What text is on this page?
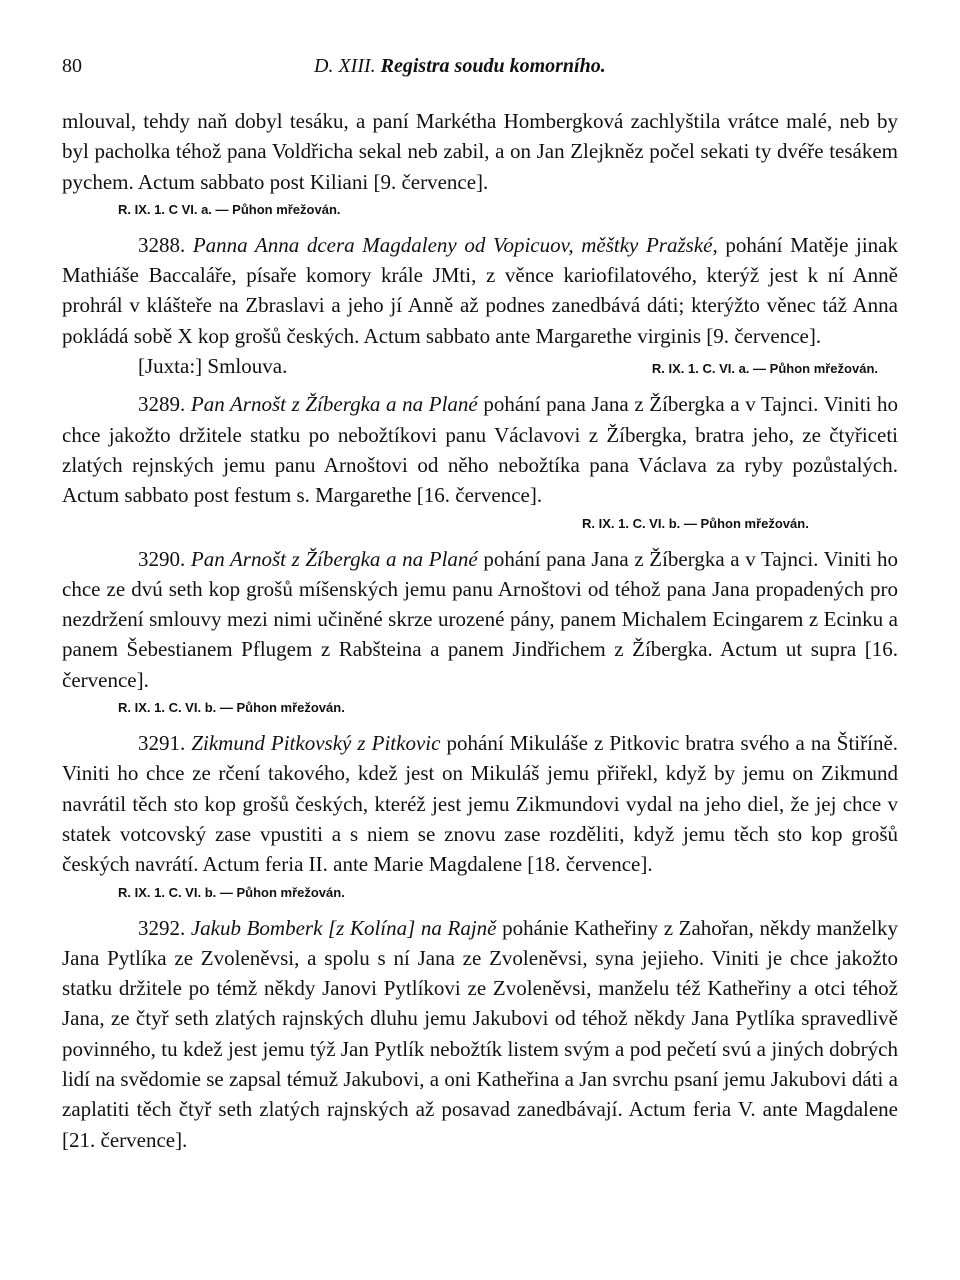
80	D. XIII. Registra soudu komorního.

mlouval, tehdy naň dobyl tesáku, a paní Markétha Hombergková zachlyštila vrátce malé, neb by byl pacholka téhož pana Voldřicha sekal neb zabil, a on Jan Zlejkněz počel sekati ty dvéře tesákem pychem. Actum sabbato post Kiliani [9. července].

R. IX. 1. C VI. a. — Půhon mřežován.

3288. Panna Anna dcera Magdaleny od Vopicuov, měštky Pražské, pohání Matěje jinak Mathiáše Baccaláře, písaře komory krále JMti, z věnce kariofilatového, kterýž jest k ní Anně prohrál v klášteře na Zbraslavi a jeho jí Anně až podnes zanedbává dáti; kterýžto věnec táž Anna pokládá sobě X kop grošů českých. Actum sabbato ante Margarethe virginis [9. července].

[Juxta:] Smlouva.	R. IX. 1. C. VI. a. — Půhon mřežován.

3289. Pan Arnošt z Žíbergka a na Plané pohání pana Jana z Žíbergka a v Tajnci. Viniti ho chce jakožto držitele statku po nebožtíkovi panu Václavovi z Žíbergka, bratra jeho, ze čtyřiceti zlatých rejnských jemu panu Arnoštovi od něho nebožtíka pana Václava za ryby pozůstalých. Actum sabbato post festum s. Margarethe [16. července].

R. IX. 1. C. VI. b. — Půhon mřežován.

3290. Pan Arnošt z Žíbergka a na Plané pohání pana Jana z Žíbergka a v Tajnci. Viniti ho chce ze dvú seth kop grošů míšenských jemu panu Arnoštovi od téhož pana Jana propadených pro nezdržení smlouvy mezi nimi učiněné skrze urozené pány, panem Michalem Ecingarem z Ecinku a panem Šebestianem Pflugem z Rabšteina a panem Jindřichem z Žíbergka. Actum ut supra [16. července].

R. IX. 1. C. VI. b. — Půhon mřežován.

3291. Zikmund Pitkovský z Pitkovic pohání Mikuláše z Pitkovic bratra svého a na Štiříně. Viniti ho chce ze rčení takového, kdež jest on Mikuláš jemu přiřekl, když by jemu on Zikmund navrátil těch sto kop grošů českých, kteréž jest jemu Zikmundovi vydal na jeho diel, že jej chce v statek votcovský zase vpustiti a s niem se znovu zase rozděliti, když jemu těch sto kop grošů českých navrátí. Actum feria II. ante Marie Magdalene [18. července].

R. IX. 1. C. VI. b. — Půhon mřežován.

3292. Jakub Bomberk [z Kolína] na Rajně pohánie Katheřiny z Zahořan, někdy manželky Jana Pytlíka ze Zvoleněvsi, a spolu s ní Jana ze Zvoleněvsi, syna jejieho. Viniti je chce jakožto statku držitele po témž někdy Janovi Pytlíkovi ze Zvoleněvsi, manželu též Katheřiny a otci téhož Jana, ze čtyř seth zlatých rajnských dluhu jemu Jakubovi od téhož někdy Jana Pytlíka spravedlivě povinného, tu kdež jest jemu týž Jan Pytlík nebožtík listem svým a pod pečetí svú a jiných dobrých lidí na svědomie se zapsal témuž Jakubovi, a oni Katheřina a Jan svrchu psaní jemu Jakubovi dáti a zaplatiti těch čtyř seth zlatých rajnských až posavad zanedbávají. Actum feria V. ante Magdalene [21. července].
